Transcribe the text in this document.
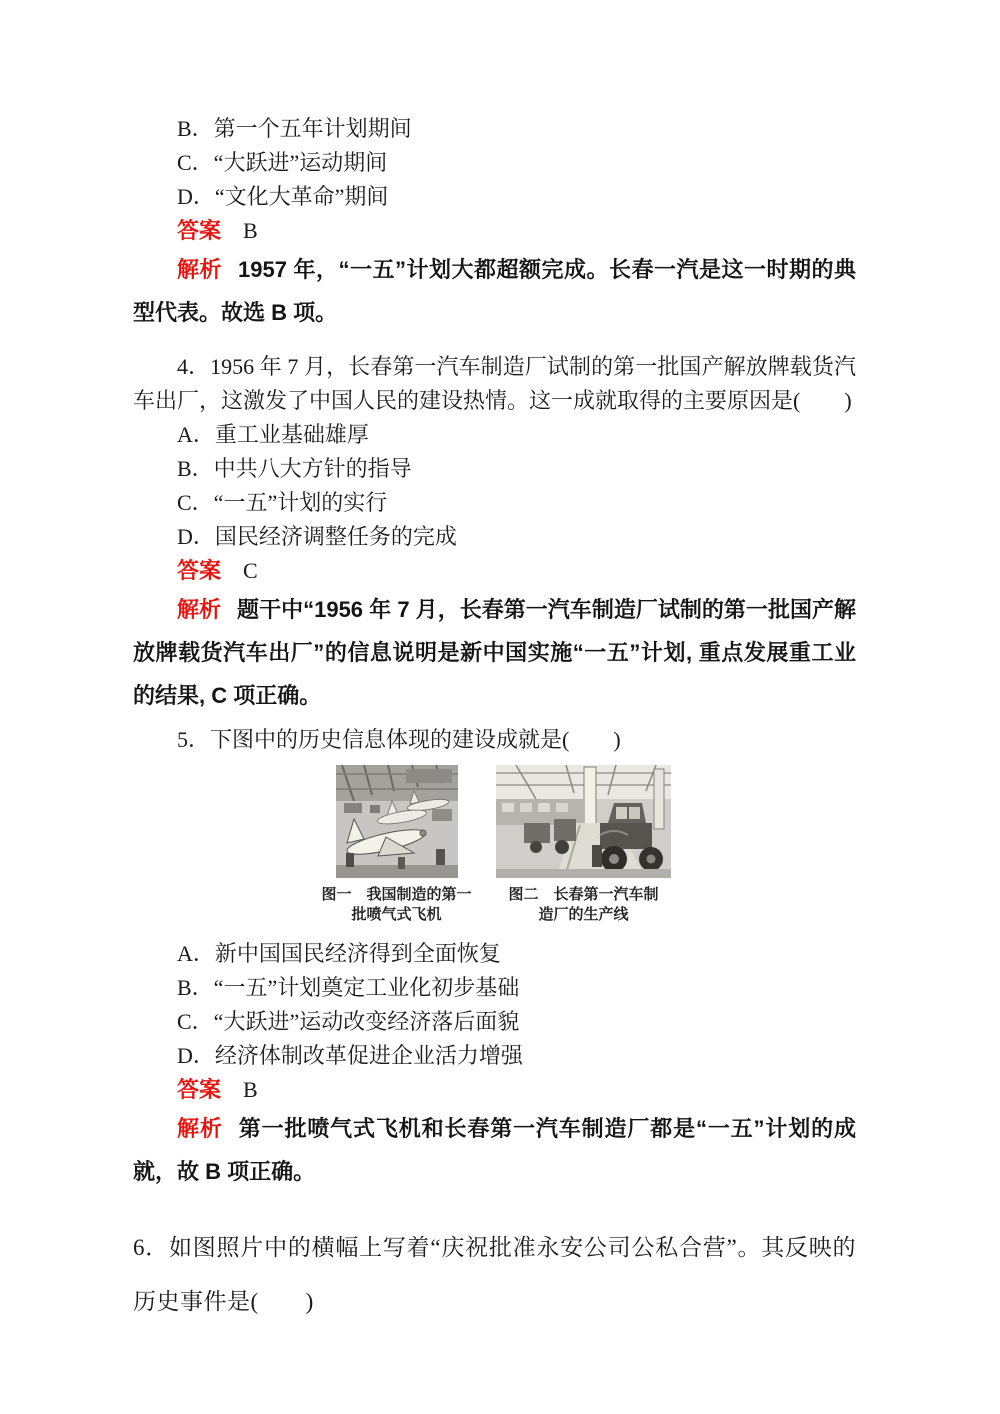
B．第一个五年计划期间
C．“大跃进”运动期间
D．“文化大革命”期间
答案 B

解析 1957 年，“一五”计划大都超额完成。长春一汽是这一时期的典型代表。故选 B 项。

4．1956 年 7 月，长春第一汽车制造厂试制的第一批国产解放牌载货汽车出厂，这激发了中国人民的建设热情。这一成就取得的主要原因是(　　)

A．重工业基础雄厚
B．中共八大方针的指导
C．“一五”计划的实行
D．国民经济调整任务的完成
答案 C

解析 题干中“1956 年 7 月，长春第一汽车制造厂试制的第一批国产解放牌载货汽车出厂”的信息说明是新中国实施“一五”计划, 重点发展重工业的结果, C 项正确。

5．下图中的历史信息体现的建设成就是(　　)

图一　我国制造的第一批喷气式飞机
图二　长春第一汽车制造厂的生产线
A．新中国国民经济得到全面恢复
B．“一五”计划奠定工业化初步基础
C．“大跃进”运动改变经济落后面貌
D．经济体制改革促进企业活力增强
答案 B

解析 第一批喷气式飞机和长春第一汽车制造厂都是“一五”计划的成就，故 B 项正确。

6．如图照片中的横幅上写着“庆祝批准永安公司公私合营”。其反映的历史事件是(　　)
